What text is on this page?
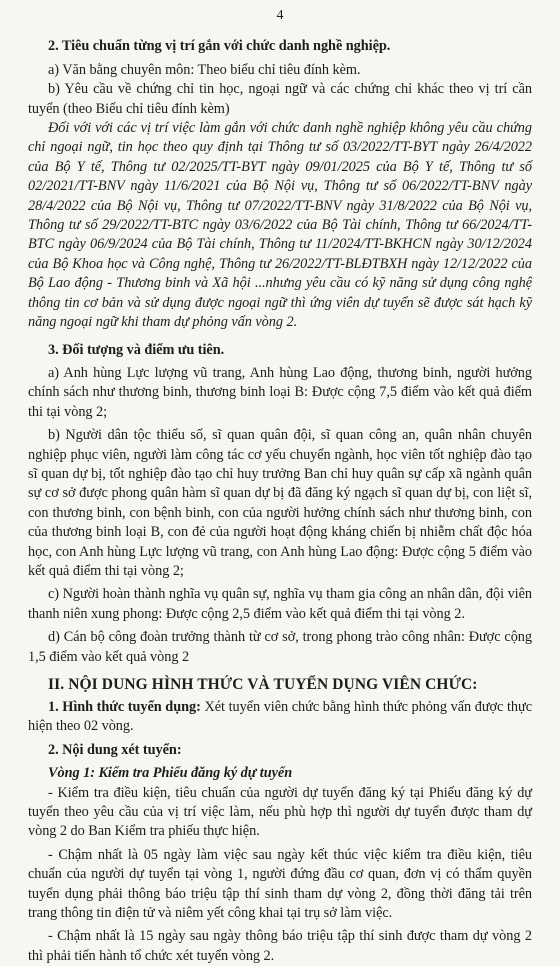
4

2. Tiêu chuẩn từng vị trí gắn với chức danh nghề nghiệp.

a) Văn bằng chuyên môn: Theo biểu chỉ tiêu đính kèm.

b) Yêu cầu về chứng chỉ tin học, ngoại ngữ và các chứng chỉ khác theo vị trí cần tuyển (theo Biểu chỉ tiêu đính kèm)

Đối với với các vị trí việc làm gắn với chức danh nghề nghiệp không yêu cầu chứng chỉ ngoại ngữ, tin học theo quy định tại Thông tư số 03/2022/TT-BYT ngày 26/4/2022 của Bộ Y tế, Thông tư 02/2025/TT-BYT ngày 09/01/2025 của Bộ Y tế, Thông tư số 02/2021/TT-BNV ngày 11/6/2021 của Bộ Nội vụ, Thông tư số 06/2022/TT-BNV ngày 28/4/2022 của Bộ Nội vụ, Thông tư 07/2022/TT-BNV ngày 31/8/2022 của Bộ Nội vụ, Thông tư số 29/2022/TT-BTC ngày 03/6/2022 của Bộ Tài chính, Thông tư 66/2024/TT-BTC ngày 06/9/2024 của Bộ Tài chính, Thông tư 11/2024/TT-BKHCN ngày 30/12/2024 của Bộ Khoa học và Công nghệ, Thông tư 26/2022/TT-BLĐTBXH ngày 12/12/2022 của Bộ Lao động - Thương binh và Xã hội ...nhưng yêu cầu có kỹ năng sử dụng công nghệ thông tin cơ bản và sử dụng được ngoại ngữ thì ứng viên dự tuyển sẽ được sát hạch kỹ năng ngoại ngữ khi tham dự phỏng vấn vòng 2.

3. Đối tượng và điểm ưu tiên.

a) Anh hùng Lực lượng vũ trang, Anh hùng Lao động, thương binh, người hưởng chính sách như thương binh, thương binh loại B: Được cộng 7,5 điểm vào kết quả điểm thi tại vòng 2;

b) Người dân tộc thiểu số, sĩ quan quân đội, sĩ quan công an, quân nhân chuyên nghiệp phục viên, người làm công tác cơ yếu chuyển ngành, học viên tốt nghiệp đào tạo sĩ quan dự bị, tốt nghiệp đào tạo chỉ huy trưởng Ban chỉ huy quân sự cấp xã ngành quân sự cơ sở được phong quân hàm sĩ quan dự bị đã đăng ký ngạch sĩ quan dự bị, con liệt sĩ, con thương binh, con bệnh binh, con của người hưởng chính sách như thương binh, con của thương binh loại B, con đẻ của người hoạt động kháng chiến bị nhiễm chất độc hóa học, con Anh hùng Lực lượng vũ trang, con Anh hùng Lao động: Được cộng 5 điểm vào kết quả điểm thi tại vòng 2;

c) Người hoàn thành nghĩa vụ quân sự, nghĩa vụ tham gia công an nhân dân, đội viên thanh niên xung phong: Được cộng 2,5 điểm vào kết quả điểm thi tại vòng 2.

d) Cán bộ công đoàn trưởng thành từ cơ sở, trong phong trào công nhân: Được cộng 1,5 điểm vào kết quả vòng 2

II. NỘI DUNG HÌNH THỨC VÀ TUYỂN DỤNG VIÊN CHỨC:

1. Hình thức tuyển dụng: Xét tuyển viên chức bằng hình thức phỏng vấn được thực hiện theo 02 vòng.

2. Nội dung xét tuyển:

Vòng 1: Kiểm tra Phiếu đăng ký dự tuyển

- Kiểm tra điều kiện, tiêu chuẩn của người dự tuyển đăng ký tại Phiếu đăng ký dự tuyển theo yêu cầu của vị trí việc làm, nếu phù hợp thì người dự tuyển được tham dự vòng 2 do Ban Kiểm tra phiếu thực hiện.

- Chậm nhất là 05 ngày làm việc sau ngày kết thúc việc kiểm tra điều kiện, tiêu chuẩn của người dự tuyển tại vòng 1, người đứng đầu cơ quan, đơn vị có thẩm quyền tuyển dụng phải thông báo triệu tập thí sinh tham dự vòng 2, đồng thời đăng tải trên trang thông tin điện tử và niêm yết công khai tại trụ sở làm việc.

- Chậm nhất là 15 ngày sau ngày thông báo triệu tập thí sinh được tham dự vòng 2 thì phải tiến hành tổ chức xét tuyển vòng 2.
